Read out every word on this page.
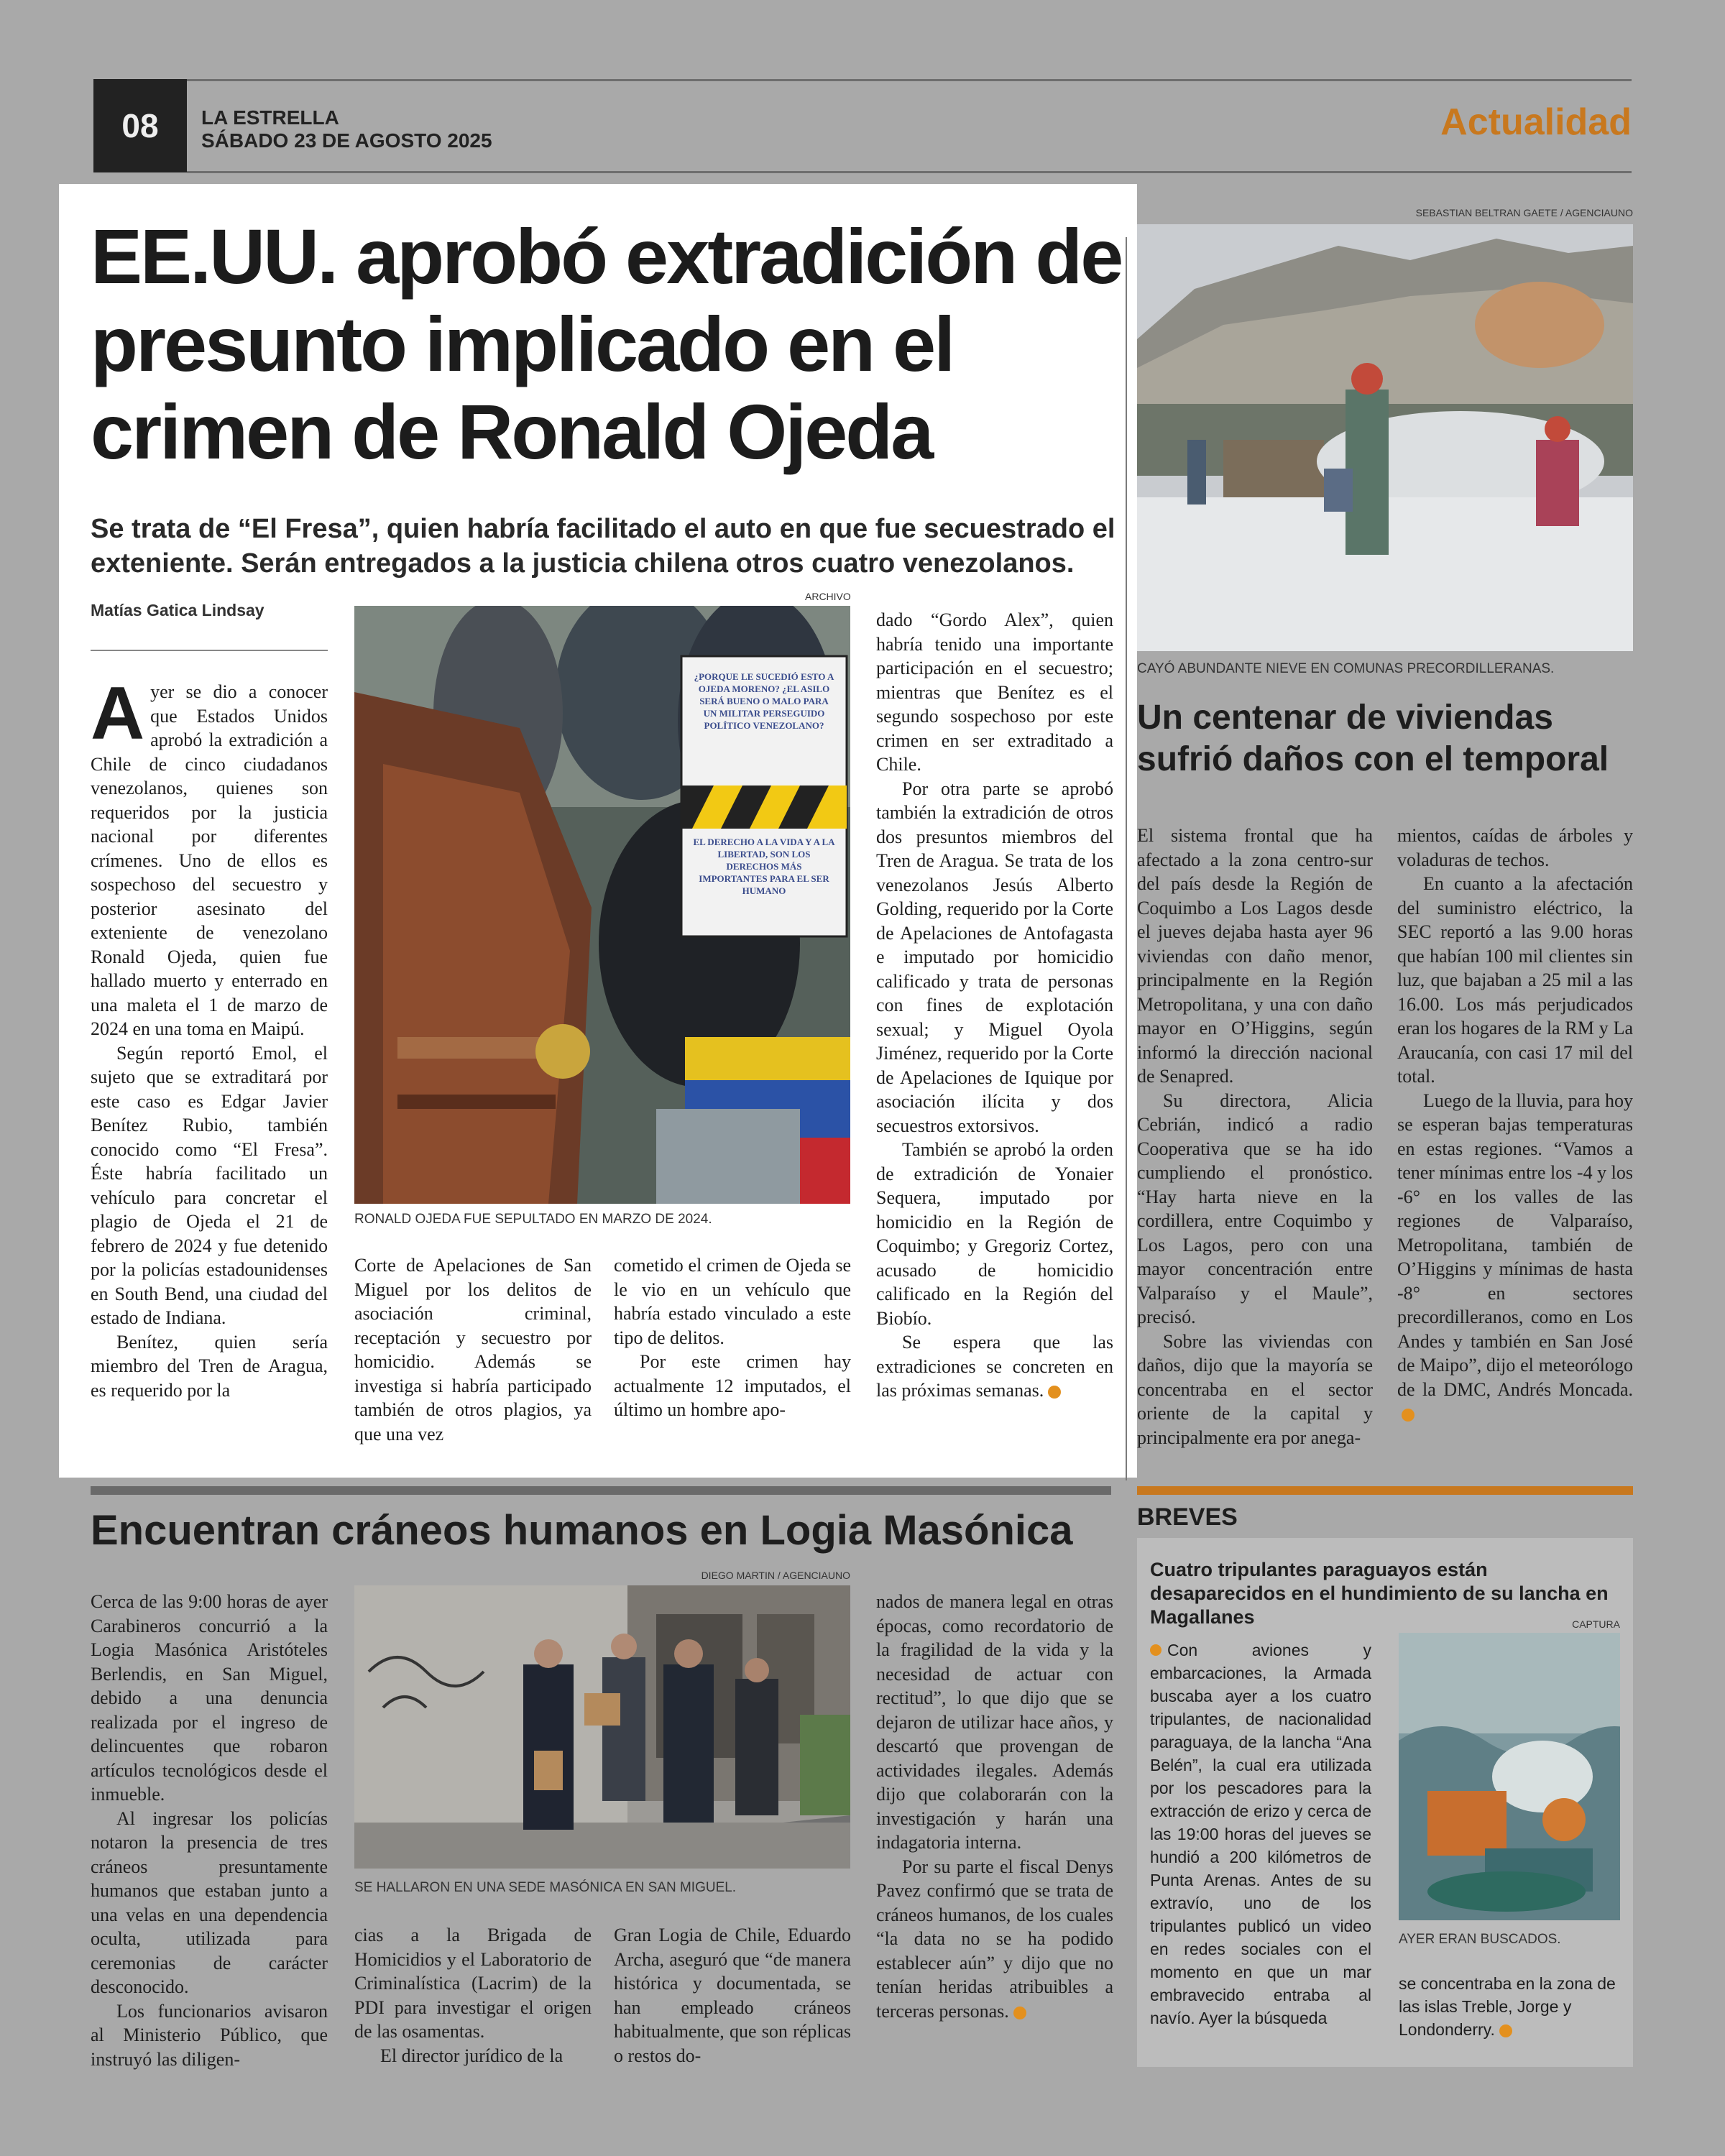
08	LA ESTRELLA
SÁBADO 23 DE AGOSTO 2025	Actualidad
EE.UU. aprobó extradición de presunto implicado en el crimen de Ronald Ojeda
Se trata de “El Fresa”, quien habría facilitado el auto en que fue secuestrado el exteniente. Serán entregados a la justicia chilena otros cuatro venezolanos.
Matías Gatica Lindsay

Ayer se dio a conocer que Estados Unidos aprobó la extradición a Chile de cinco ciudadanos venezolanos, quienes son requeridos por la justicia nacional por diferentes crímenes. Uno de ellos es sospechoso del secuestro y posterior asesinato del exteniente de venezolano Ronald Ojeda, quien fue hallado muerto y enterrado en una maleta el 1 de marzo de 2024 en una toma en Maipú.

Según reportó Emol, el sujeto que se extraditará por este caso es Edgar Javier Benítez Rubio, también conocido como “El Fresa”. Éste habría facilitado un vehículo para concretar el plagio de Ojeda el 21 de febrero de 2024 y fue detenido por la policías estadounidenses en South Bend, una ciudad del estado de Indiana.

Benítez, quien sería miembro del Tren de Aragua, es requerido por la

ARCHIVO
¿PORQUE LE SUCEDIÓ ESTO A OJEDA MORENO? ¿EL ASILO SERÁ BUENO O MALO PARA UN MILITAR PERSEGUIDO POLÍTICO VENEZOLANO?
EL DERECHO A LA VIDA Y A LA LIBERTAD, SON LOS DERECHOS MÁS IMPORTANTES PARA EL SER HUMANO
RONALD OJEDA FUE SEPULTADO EN MARZO DE 2024.

Corte de Apelaciones de San Miguel por los delitos de asociación criminal, receptación y secuestro por homicidio. Además se investiga si habría participado también de otros plagios, ya que una vez

cometido el crimen de Ojeda se le vio en un vehículo que habría estado vinculado a este tipo de delitos.

Por este crimen hay actualmente 12 imputados, el último un hombre apo-

dado “Gordo Alex”, quien habría tenido una importante participación en el secuestro; mientras que Benítez es el segundo sospechoso por este crimen en ser extraditado a Chile.

Por otra parte se aprobó también la extradición de otros dos presuntos miembros del Tren de Aragua. Se trata de los venezolanos Jesús Alberto Golding, requerido por la Corte de Apelaciones de Antofagasta e imputado por homicidio calificado y trata de personas con fines de explotación sexual; y Miguel Oyola Jiménez, requerido por la Corte de Apelaciones de Iquique por asociación ilícita y dos secuestros extorsivos.

También se aprobó la orden de extradición de Yonaier Sequera, imputado por homicidio en la Región de Coquimbo; y Gregoriz Cortez, acusado de homicidio calificado en la Región del Biobío.

Se espera que las extradiciones se concreten en las próximas semanas.

SEBASTIAN BELTRAN GAETE / AGENCIAUNO
CAYÓ ABUNDANTE NIEVE EN COMUNAS PRECORDILLERANAS.
Un centenar de viviendas sufrió daños con el temporal

El sistema frontal que ha afectado a la zona centro-sur del país desde la Región de Coquimbo a Los Lagos desde el jueves dejaba hasta ayer 96 viviendas con daño menor, principalmente en la Región Metropolitana, y una con daño mayor en O’Higgins, según informó la dirección nacional de Senapred.

Su directora, Alicia Cebrián, indicó a radio Cooperativa que se ha ido cumpliendo el pronóstico. “Hay harta nieve en la cordillera, entre Coquimbo y Los Lagos, pero con una mayor concentración entre Valparaíso y el Maule”, precisó.

Sobre las viviendas con daños, dijo que la mayoría se concentraba en el sector oriente de la capital y principalmente era por anega-

mientos, caídas de árboles y voladuras de techos.

En cuanto a la afectación del suministro eléctrico, la SEC reportó a las 9.00 horas que habían 100 mil clientes sin luz, que bajaban a 25 mil a las 16.00. Los más perjudicados eran los hogares de la RM y La Araucanía, con casi 17 mil del total.

Luego de la lluvia, para hoy se esperan bajas temperaturas en estas regiones. “Vamos a tener mínimas entre los -4 y los -6° en los valles de las regiones de Valparaíso, Metropolitana, también de O’Higgins y mínimas de hasta -8° en sectores precordilleranos, como en Los Andes y también en San José de Maipo”, dijo el meteorólogo de la DMC, Andrés Moncada.

Encuentran cráneos humanos en Logia Masónica

Cerca de las 9:00 horas de ayer Carabineros concurrió a la Logia Masónica Aristóteles Berlendis, en San Miguel, debido a una denuncia realizada por el ingreso de delincuentes que robaron artículos tecnológicos desde el inmueble.

Al ingresar los policías notaron la presencia de tres cráneos presuntamente humanos que estaban junto a una velas en una dependencia oculta, utilizada para ceremonias de carácter desconocido.

Los funcionarios avisaron al Ministerio Público, que instruyó las diligen-

DIEGO MARTIN / AGENCIAUNO
SE HALLARON EN UNA SEDE MASÓNICA EN SAN MIGUEL.

cias a la Brigada de Homicidios y el Laboratorio de Criminalística (Lacrim) de la PDI para investigar el origen de las osamentas.

El director jurídico de la

Gran Logia de Chile, Eduardo Archa, aseguró que “de manera histórica y documentada, se han empleado cráneos habitualmente, que son réplicas o restos do-

nados de manera legal en otras épocas, como recordatorio de la fragilidad de la vida y la necesidad de actuar con rectitud”, lo que dijo que se dejaron de utilizar hace años, y descartó que provengan de actividades ilegales. Además dijo que colaborarán con la investigación y harán una indagatoria interna.

Por su parte el fiscal Denys Pavez confirmó que se trata de cráneos humanos, de los cuales “la data no se ha podido establecer aún” y dijo que no tenían heridas atribuibles a terceras personas.

BREVES
Cuatro tripulantes paraguayos están desaparecidos en el hundimiento de su lancha en Magallanes

Con aviones y embarcaciones, la Armada buscaba ayer a los cuatro tripulantes, de nacionalidad paraguaya, de la lancha “Ana Belén”, la cual era utilizada por los pescadores para la extracción de erizo y cerca de las 19:00 horas del jueves se hundió a 200 kilómetros de Punta Arenas. Antes de su extravío, uno de los tripulantes publicó un video en redes sociales con el momento en que un mar embravecido entraba al navío. Ayer la búsqueda

CAPTURA
AYER ERAN BUSCADOS.

se concentraba en la zona de las islas Treble, Jorge y Londonderry.
